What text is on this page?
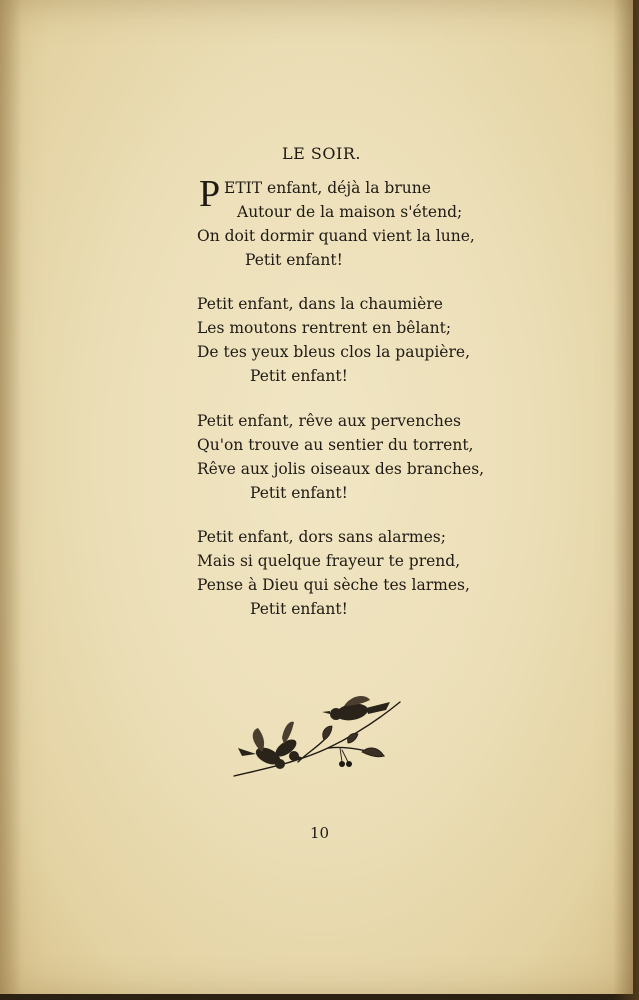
LE SOIR.
P ETIT enfant, déjà la brune
Autour de la maison s'étend;
On doit dormir quand vient la lune,
Petit enfant!
Petit enfant, dans la chaumière
Les moutons rentrent en bêlant;
De tes yeux bleus clos la paupière,
Petit enfant!
Petit enfant, rêve aux pervenches
Qu'on trouve au sentier du torrent,
Rêve aux jolis oiseaux des branches,
Petit enfant!
Petit enfant, dors sans alarmes;
Mais si quelque frayeur te prend,
Pense à Dieu qui sèche tes larmes,
Petit enfant!
10
